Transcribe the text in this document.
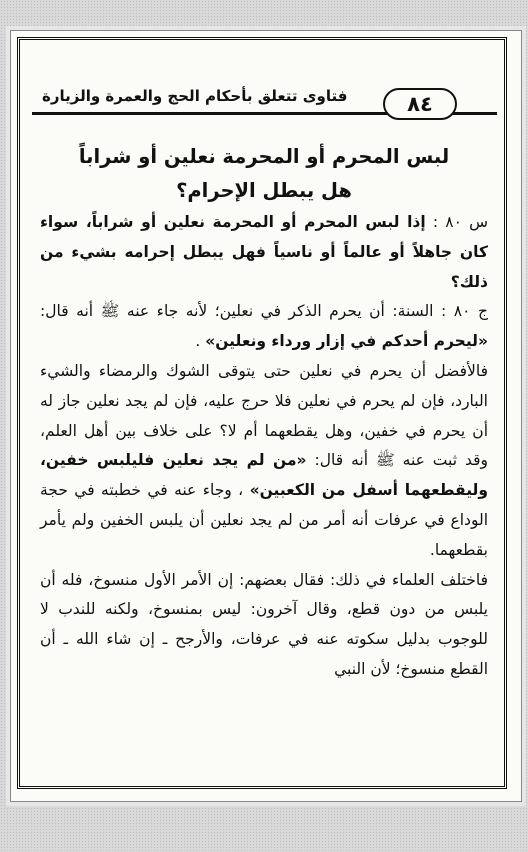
٨٤
فتاوى تتعلق بأحكام الحج والعمرة والزيارة
لبس المحرم أو المحرمة نعلين أو شراباً
هل يبطل الإحرام؟

س ٨٠ : إذا لبس المحرم أو المحرمة نعلين أو شراباً، سواء كان جاهلاً أو عالماً أو ناسياً فهل يبطل إحرامه بشيء من ذلك؟

ج ٨٠ : السنة: أن يحرم الذكر في نعلين؛ لأنه جاء عنه ﷺ أنه قال: «ليحرم أحدكم في إزار ورداء ونعلين» .

فالأفضل أن يحرم في نعلين حتى يتوقى الشوك والرمضاء والشيء البارد، فإن لم يحرم في نعلين فلا حرج عليه، فإن لم يجد نعلين جاز له أن يحرم في خفين، وهل يقطعهما أم لا؟ على خلاف بين أهل العلم، وقد ثبت عنه ﷺ أنه قال: «من لم يجد نعلين فليلبس خفين، وليقطعهما أسفل من الكعبين» ، وجاء عنه في خطبته في حجة الوداع في عرفات أنه أمر من لم يجد نعلين أن يلبس الخفين ولم يأمر بقطعهما.

فاختلف العلماء في ذلك: فقال بعضهم: إن الأمر الأول منسوخ، فله أن يلبس من دون قطع، وقال آخرون: ليس بمنسوخ، ولكنه للندب لا للوجوب بدليل سكوته عنه في عرفات، والأرجح ـ إن شاء الله ـ أن القطع منسوخ؛ لأن النبي
